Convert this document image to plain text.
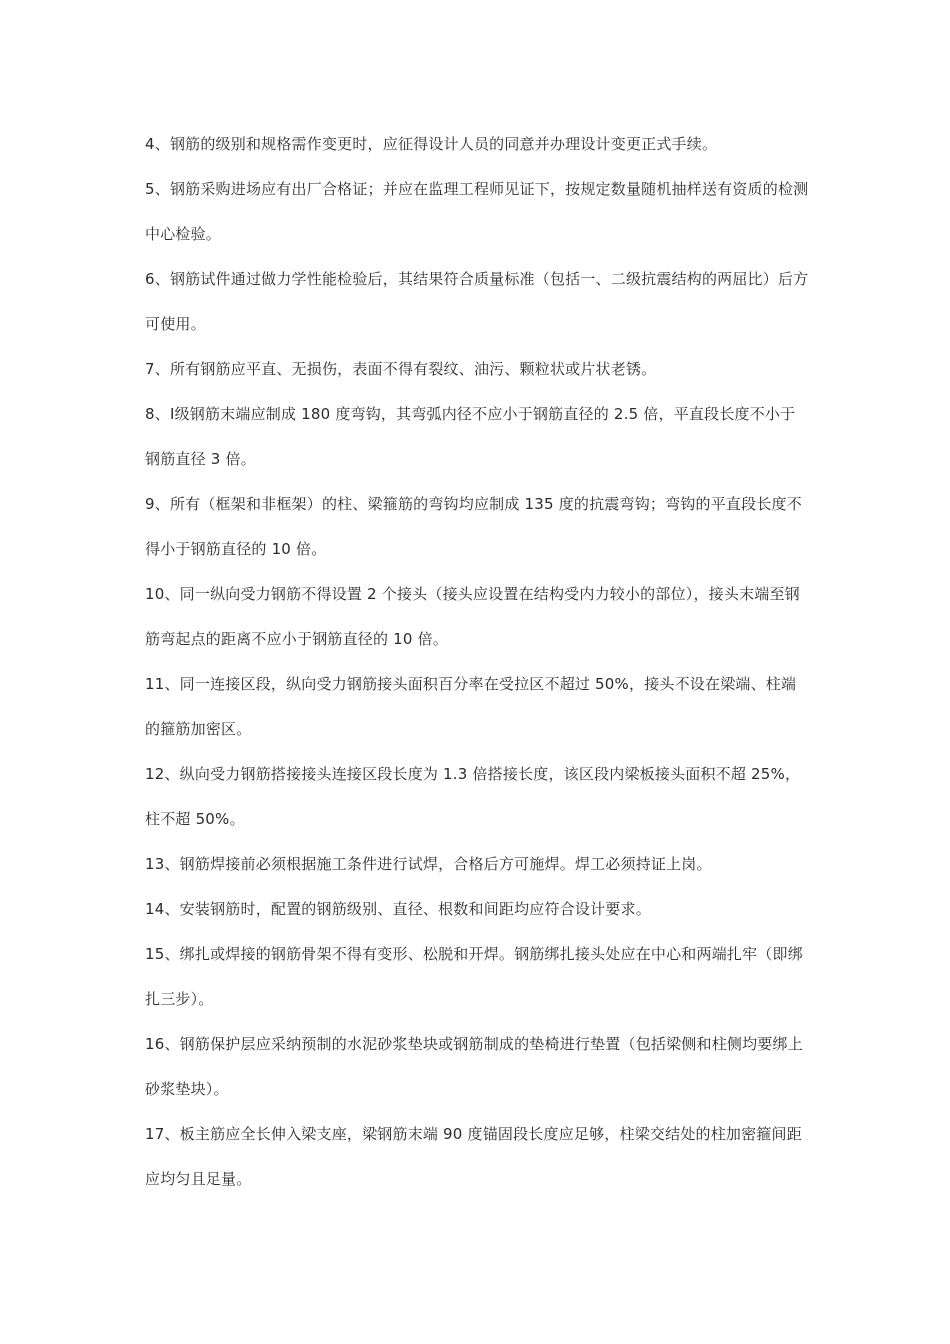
4、钢筋的级别和规格需作变更时，应征得设计人员的同意并办理设计变更正式手续。

5、钢筋采购进场应有出厂合格证；并应在监理工程师见证下，按规定数量随机抽样送有资质的检测中心检验。

6、钢筋试件通过做力学性能检验后，其结果符合质量标准（包括一、二级抗震结构的两屈比）后方可使用。

7、所有钢筋应平直、无损伤，表面不得有裂纹、油污、颗粒状或片状老锈。

8、Ⅰ级钢筋末端应制成 180 度弯钩，其弯弧内径不应小于钢筋直径的 2.5 倍，平直段长度不小于钢筋直径 3 倍。

9、所有（框架和非框架）的柱、梁箍筋的弯钩均应制成 135 度的抗震弯钩；弯钩的平直段长度不得小于钢筋直径的 10 倍。

10、同一纵向受力钢筋不得设置 2 个接头（接头应设置在结构受内力较小的部位），接头末端至钢筋弯起点的距离不应小于钢筋直径的 10 倍。

11、同一连接区段，纵向受力钢筋接头面积百分率在受拉区不超过 50%，接头不设在梁端、柱端的箍筋加密区。

12、纵向受力钢筋搭接接头连接区段长度为 1.3 倍搭接长度，该区段内梁板接头面积不超 25%，柱不超 50%。

13、钢筋焊接前必须根据施工条件进行试焊，合格后方可施焊。焊工必须持证上岗。

14、安装钢筋时，配置的钢筋级别、直径、根数和间距均应符合设计要求。

15、绑扎或焊接的钢筋骨架不得有变形、松脱和开焊。钢筋绑扎接头处应在中心和两端扎牢（即绑扎三步）。

16、钢筋保护层应采纳预制的水泥砂浆垫块或钢筋制成的垫椅进行垫置（包括梁侧和柱侧均要绑上砂浆垫块）。

17、板主筋应全长伸入梁支座，梁钢筋末端 90 度锚固段长度应足够，柱梁交结处的柱加密箍间距应均匀且足量。
